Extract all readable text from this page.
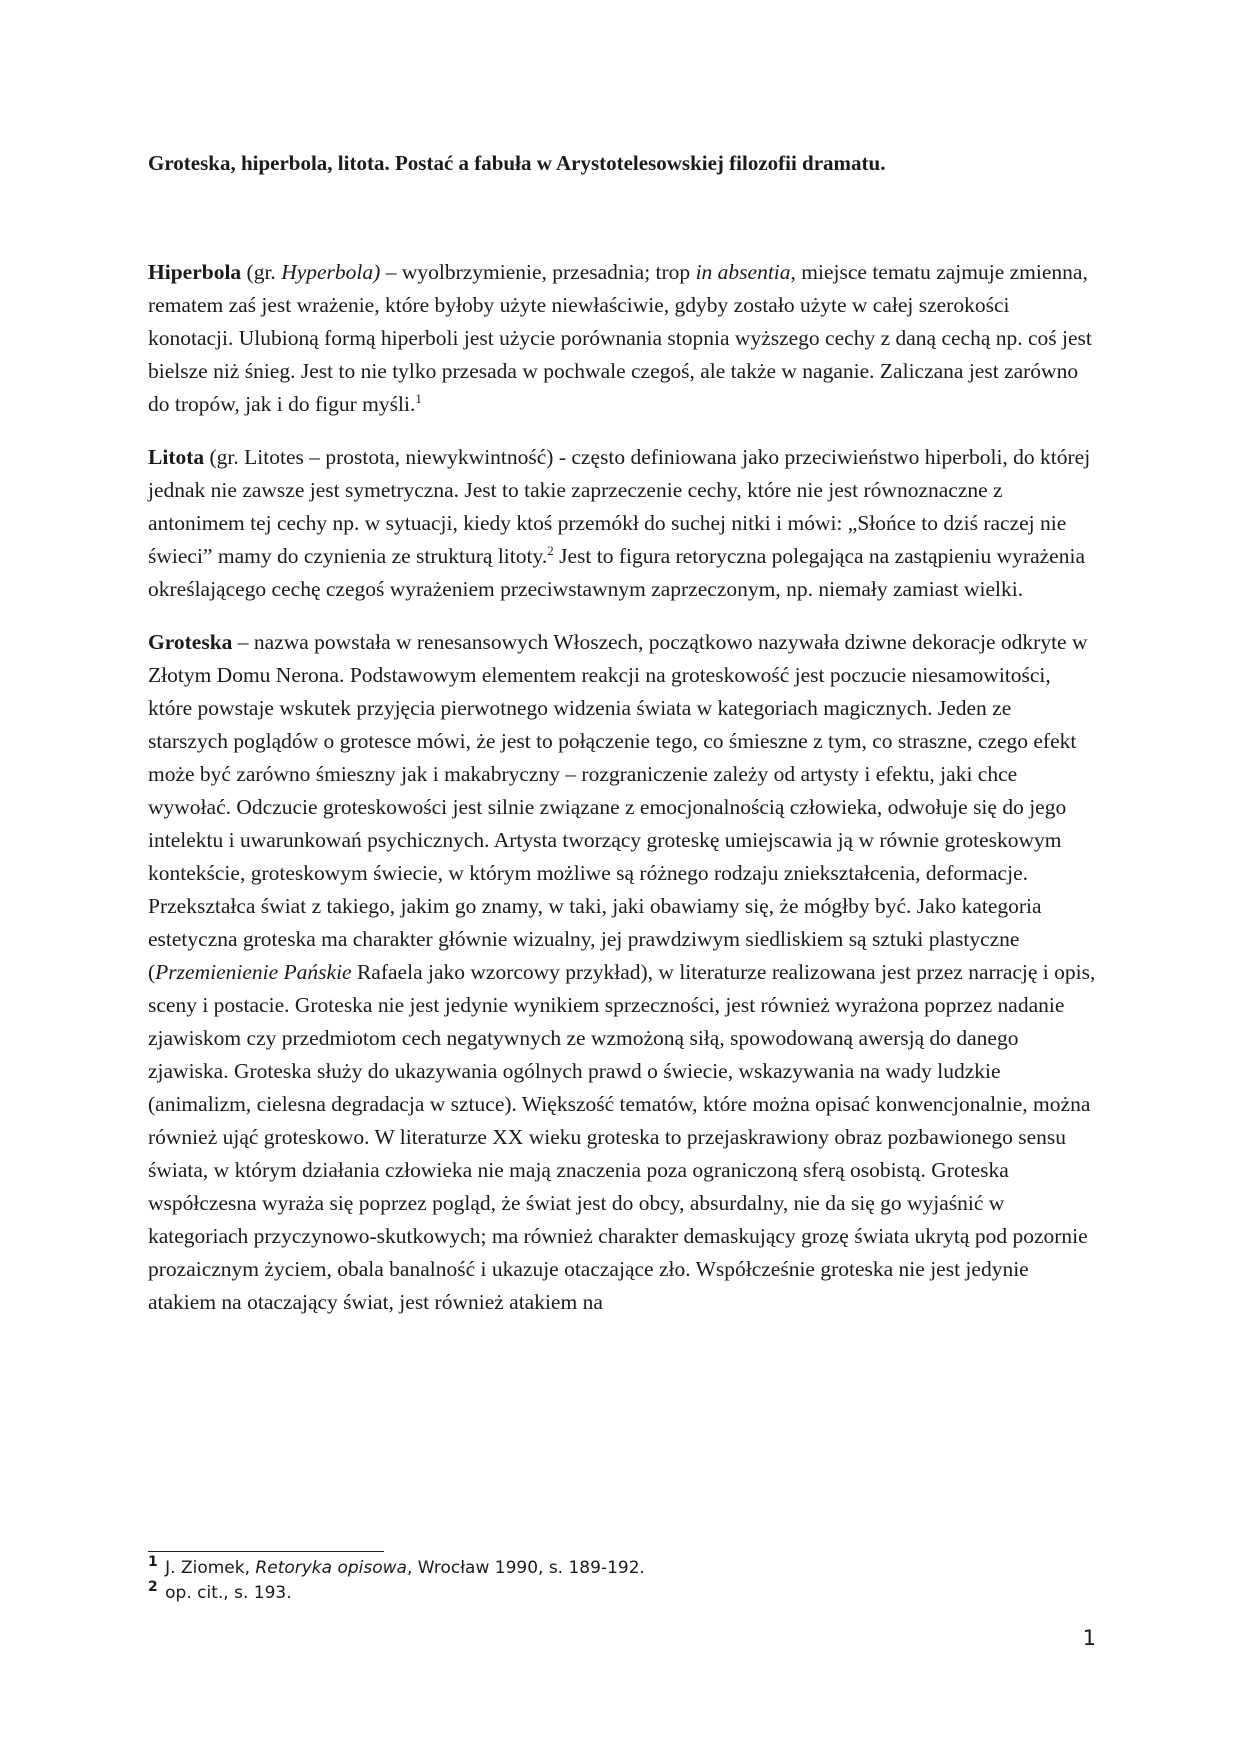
Groteska, hiperbola, litota. Postać a fabuła w Arystotelesowskiej filozofii dramatu.

Hiperbola (gr. Hyperbola) – wyolbrzymienie, przesadnia; trop in absentia, miejsce tematu zajmuje zmienna, rematem zaś jest wrażenie, które byłoby użyte niewłaściwie, gdyby zostało użyte w całej szerokości konotacji. Ulubioną formą hiperboli jest użycie porównania stopnia wyższego cechy z daną cechą np. coś jest bielsze niż śnieg. Jest to nie tylko przesada w pochwale czegoś, ale także w naganie. Zaliczana jest zarówno do tropów, jak i do figur myśli.$^1$

Litota (gr. Litotes – prostota, niewykwintność) - często definiowana jako przeciwieństwo hiperboli, do której jednak nie zawsze jest symetryczna. Jest to takie zaprzeczenie cechy, które nie jest równoznaczne z antonimem tej cechy np. w sytuacji, kiedy ktoś przemókł do suchej nitki i mówi: „Słońce to dziś raczej nie świeci” mamy do czynienia ze strukturą litoty.$^2$ Jest to figura retoryczna polegająca na zastąpieniu wyrażenia określającego cechę czegoś wyrażeniem przeciwstawnym zaprzeczonym, np. niemały zamiast wielki.

Groteska – nazwa powstała w renesansowych Włoszech, początkowo nazywała dziwne dekoracje odkryte w Złotym Domu Nerona. Podstawowym elementem reakcji na groteskowość jest poczucie niesamowitości, które powstaje wskutek przyjęcia pierwotnego widzenia świata w kategoriach magicznych. Jeden ze starszych poglądów o grotesce mówi, że jest to połączenie tego, co śmieszne z tym, co straszne, czego efekt może być zarówno śmieszny jak i makabryczny – rozgraniczenie zależy od artysty i efektu, jaki chce wywołać. Odczucie groteskowości jest silnie związane z emocjonalnością człowieka, odwołuje się do jego intelektu i uwarunkowań psychicznych. Artysta tworzący groteskę umiejscawia ją w równie groteskowym kontekście, groteskowym świecie, w którym możliwe są różnego rodzaju zniekształcenia, deformacje. Przekształca świat z takiego, jakim go znamy, w taki, jaki obawiamy się, że mógłby być. Jako kategoria estetyczna groteska ma charakter głównie wizualny, jej prawdziwym siedliskiem są sztuki plastyczne (Przemienienie Pańskie Rafaela jako wzorcowy przykład), w literaturze realizowana jest przez narrację i opis, sceny i postacie. Groteska nie jest jedynie wynikiem sprzeczności, jest również wyrażona poprzez nadanie zjawiskom czy przedmiotom cech negatywnych ze wzmożoną siłą, spowodowaną awersją do danego zjawiska. Groteska służy do ukazywania ogólnych prawd o świecie, wskazywania na wady ludzkie (animalizm, cielesna degradacja w sztuce). Większość tematów, które można opisać konwencjonalnie, można również ująć groteskowo. W literaturze XX wieku groteska to przejaskrawiony obraz pozbawionego sensu świata, w którym działania człowieka nie mają znaczenia poza ograniczoną sferą osobistą. Groteska współczesna wyraża się poprzez pogląd, że świat jest do obcy, absurdalny, nie da się go wyjaśnić w kategoriach przyczynowo-skutkowych; ma również charakter demaskujący grozę świata ukrytą pod pozornie prozaicznym życiem, obala banalność i ukazuje otaczające zło. Współcześnie groteska nie jest jedynie atakiem na otaczający świat, jest również atakiem na

$^1$ J. Ziomek, Retoryka opisowa, Wrocław 1990, s. 189-192.
$^2$ op. cit., s. 193.
1
